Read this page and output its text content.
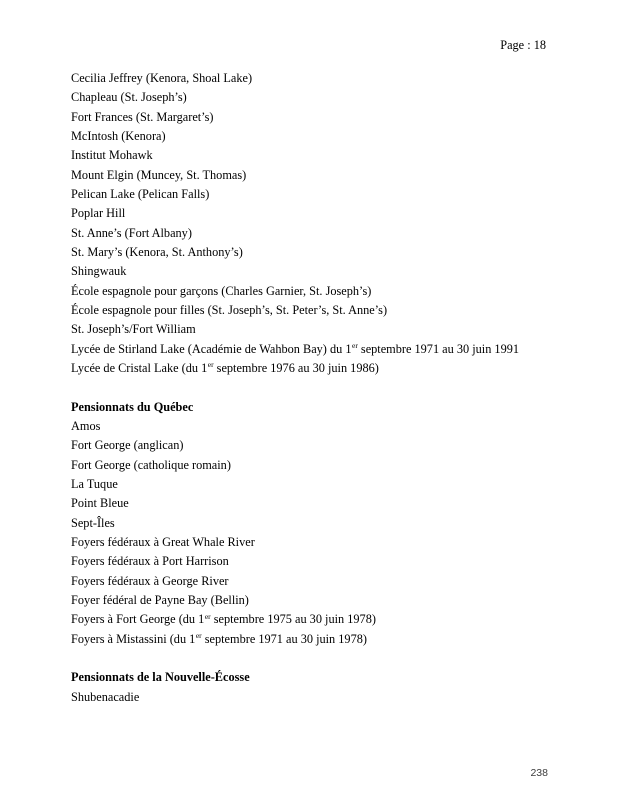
Page : 18
Cecilia Jeffrey (Kenora, Shoal Lake)
Chapleau (St. Joseph’s)
Fort Frances (St. Margaret’s)
McIntosh (Kenora)
Institut Mohawk
Mount Elgin (Muncey, St. Thomas)
Pelican Lake (Pelican Falls)
Poplar Hill
St. Anne’s (Fort Albany)
St. Mary’s (Kenora, St. Anthony’s)
Shingwauk
École espagnole pour garçons (Charles Garnier, St. Joseph’s)
École espagnole pour filles (St. Joseph’s, St. Peter’s, St. Anne’s)
St. Joseph’s/Fort William
Lycée de Stirland Lake (Académie de Wahbon Bay) du 1er septembre 1971 au 30 juin 1991
Lycée de Cristal Lake (du 1er septembre 1976 au 30 juin 1986)
Pensionnats du Québec
Amos
Fort George (anglican)
Fort George (catholique romain)
La Tuque
Point Bleue
Sept-Îles
Foyers fédéraux à Great Whale River
Foyers fédéraux à Port Harrison
Foyers fédéraux à George River
Foyer fédéral de Payne Bay (Bellin)
Foyers à Fort George (du 1er septembre 1975 au 30 juin 1978)
Foyers à Mistassini (du 1er septembre 1971 au 30 juin 1978)
Pensionnats de la Nouvelle-Écosse
Shubenacadie
238
